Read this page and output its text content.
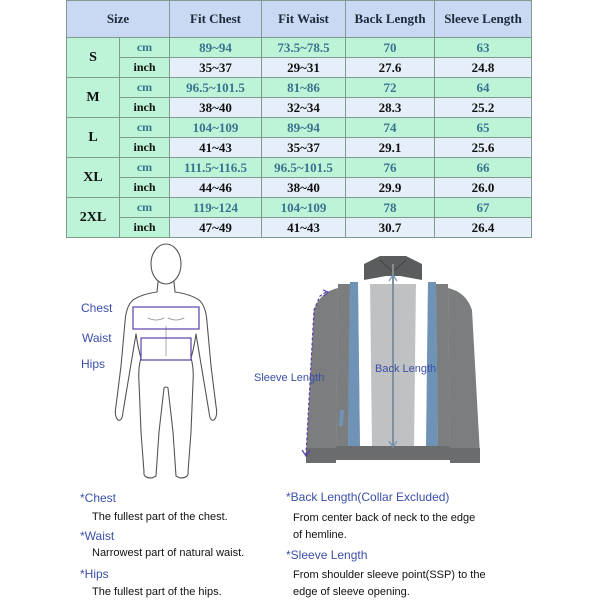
Size		Fit Chest	Fit Waist	Back Length	Sleeve Length
S	cm	89~94	73.5~78.5	70	63
	inch	35~37	29~31	27.6	24.8
M	cm	96.5~101.5	81~86	72	64
	inch	38~40	32~34	28.3	25.2
L	cm	104~109	89~94	74	65
	inch	41~43	35~37	29.1	25.6
XL	cm	111.5~116.5	96.5~101.5	76	66
	inch	44~46	38~40	29.9	26.0
2XL	cm	119~124	104~109	78	67
	inch	47~49	41~43	30.7	26.4
Chest
Waist
Hips
Sleeve Length
Back Length
*Chest
The fullest part of the chest.
*Waist
Narrowest part of natural waist.
*Hips
The fullest part of the hips.
*Back Length(Collar Excluded)
From center back of neck to the edge
of hemline.
*Sleeve Length
From shoulder sleeve point(SSP) to the
edge of sleeve opening.
